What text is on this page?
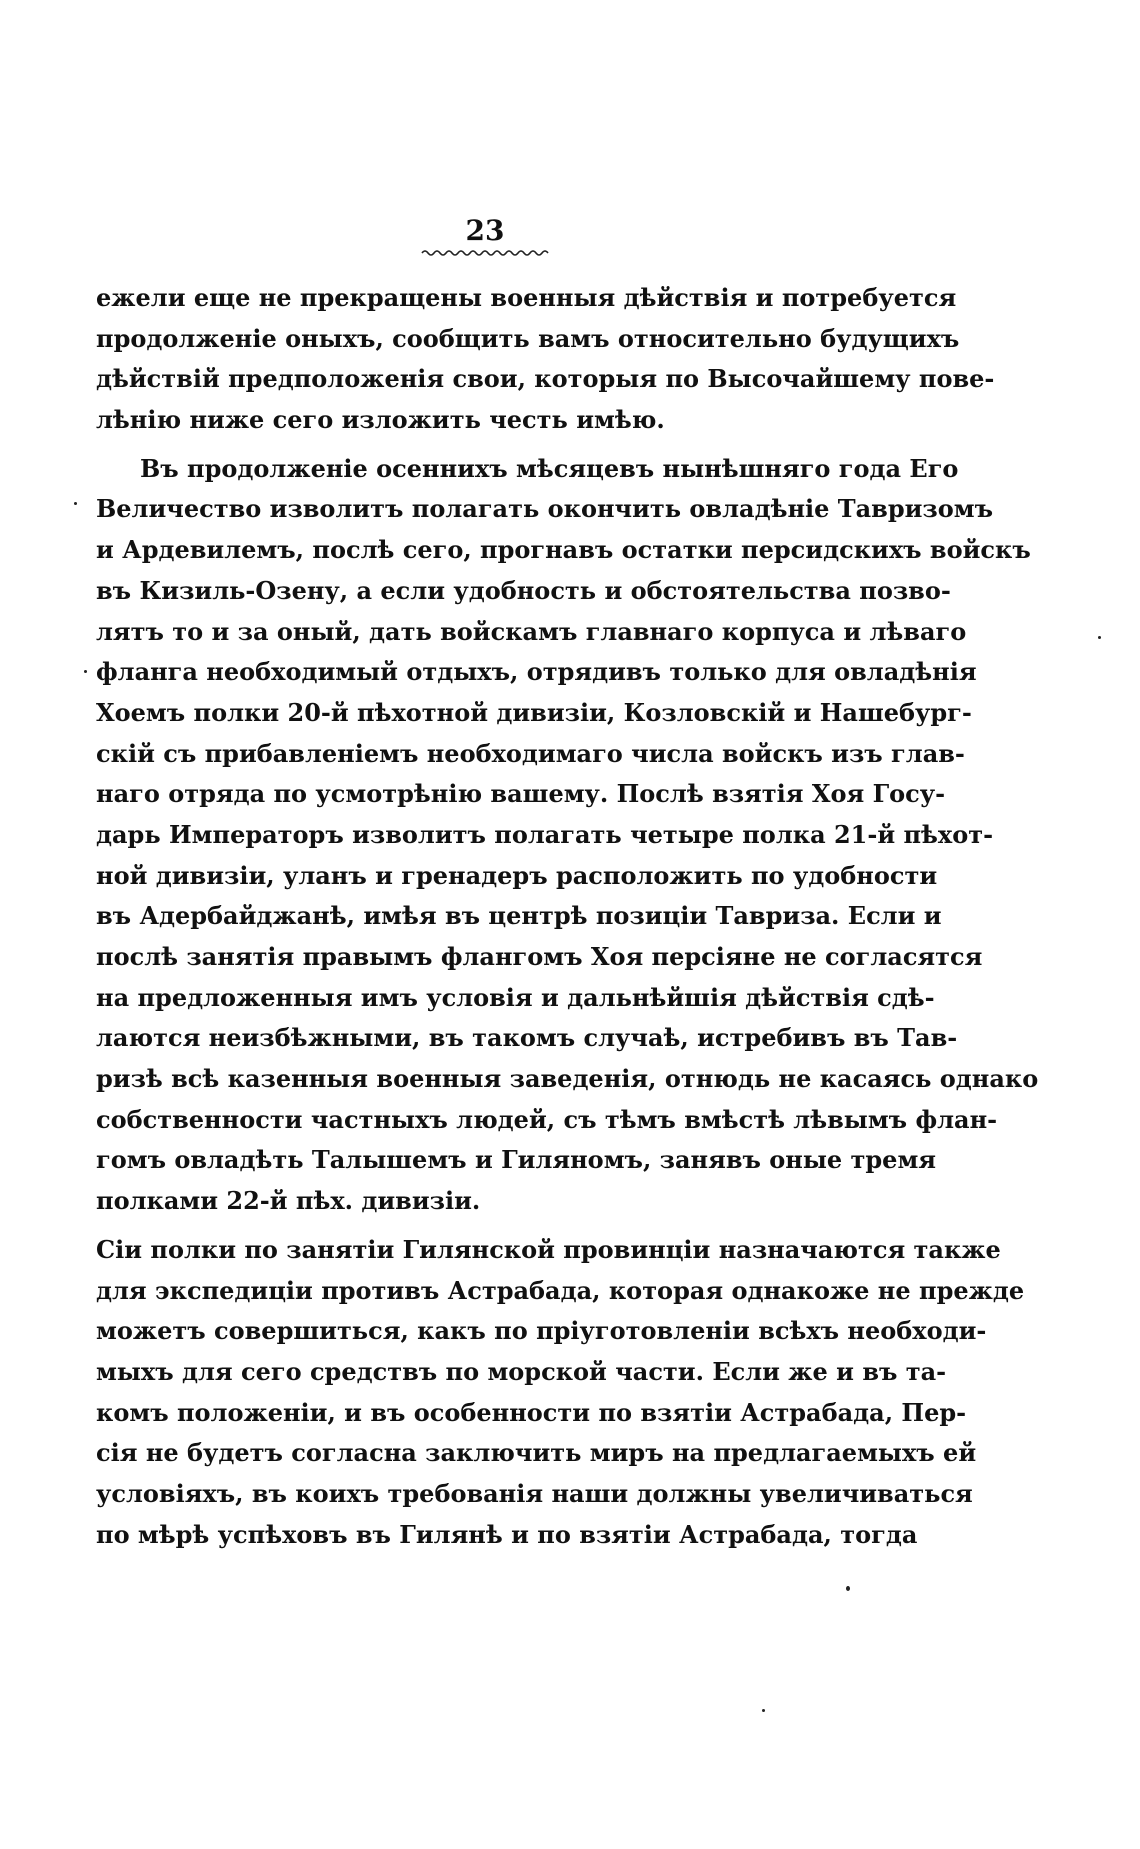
23
ежели еще не прекращены военныя дѣйствія и потребуется
продолженіе оныхъ, сообщить вамъ относительно будущихъ
дѣйствій предположенія свои, которыя по Высочайшему пове-
лѣнію ниже сего изложить честь имѣю.
Въ продолженіе осеннихъ мѣсяцевъ нынѣшняго года Его
Величество изволитъ полагать окончить овладѣніе Тавризомъ
и Ардевилемъ, послѣ сего, прогнавъ остатки персидскихъ войскъ
въ Кизиль-Озену, а если удобность и обстоятельства позво-
лятъ то и за оный, дать войскамъ главнаго корпуса и лѣваго
фланга необходимый отдыхъ, отрядивъ только для овладѣнія
Хоемъ полки 20-й пѣхотной дивизіи, Козловскій и Нашебург-
скій съ прибавленіемъ необходимаго числа войскъ изъ глав-
наго отряда по усмотрѣнію вашему. Послѣ взятія Хоя Госу-
дарь Императоръ изволитъ полагать четыре полка 21-й пѣхот-
ной дивизіи, уланъ и гренадеръ расположить по удобности
въ Адербайджанѣ, имѣя въ центрѣ позиціи Тавриза. Если и
послѣ занятія правымъ флангомъ Хоя персіяне не согласятся
на предложенныя имъ условія и дальнѣйшія дѣйствія сдѣ-
лаются неизбѣжными, въ такомъ случаѣ, истребивъ въ Тав-
ризѣ всѣ казенныя военныя заведенія, отнюдь не касаясь однако
собственности частныхъ людей, съ тѣмъ вмѣстѣ лѣвымъ флан-
гомъ овладѣть Талышемъ и Гиляномъ, занявъ оные тремя
полками 22-й пѣх. дивизіи.
Сіи полки по занятіи Гилянской провинціи назначаются также
для экспедиціи противъ Астрабада, которая однакоже не прежде
можетъ совершиться, какъ по пріуготовленіи всѣхъ необходи-
мыхъ для сего средствъ по морской части. Если же и въ та-
комъ положеніи, и въ особенности по взятіи Астрабада, Пер-
сія не будетъ согласна заключить миръ на предлагаемыхъ ей
условіяхъ, въ коихъ требованія наши должны увеличиваться
по мѣрѣ успѣховъ въ Гилянѣ и по взятіи Астрабада, тогда
